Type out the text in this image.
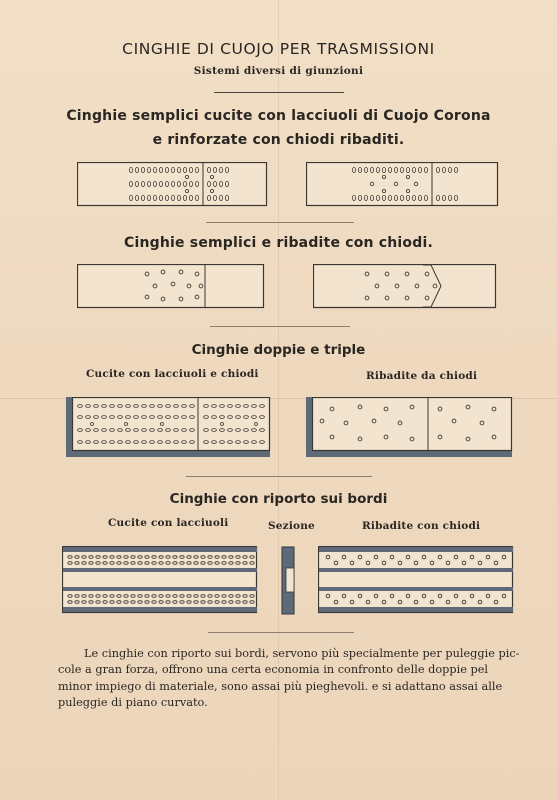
CINGHIE DI CUOJO PER TRASMISSIONI
Sistemi diversi di giunzioni
Cinghie semplici cucite con lacciuoli di Cuojo Corona
e rinforzate con chiodi ribaditi.
Cinghie semplici e ribadite con chiodi.
Cinghie doppie e triple
Cucite con lacciuoli e chiodi	Ribadite da chiodi
Cinghie con riporto sui bordi
Cucite con lacciuoli	Sezione	Ribadite con chiodi
Le cinghie con riporto sui bordi, servono più specialmente per puleggie pic-
cole a gran forza, offrono una certa economia in confronto delle doppie pel
minor impiego di materiale, sono assai più pieghevoli. e si adattano assai alle
puleggie di piano curvato.
